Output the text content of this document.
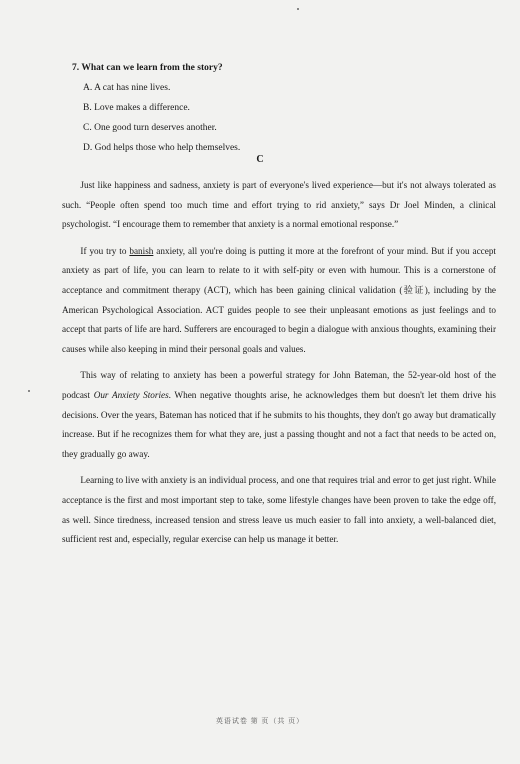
7. What can we learn from the story?
A. A cat has nine lives.
B. Love makes a difference.
C. One good turn deserves another.
D. God helps those who help themselves.
C

Just like happiness and sadness, anxiety is part of everyone's lived experience—but it's not always tolerated as such. “People often spend too much time and effort trying to rid anxiety,” says Dr Joel Minden, a clinical psychologist. “I encourage them to remember that anxiety is a normal emotional response.”

If you try to banish anxiety, all you're doing is putting it more at the forefront of your mind. But if you accept anxiety as part of life, you can learn to relate to it with self-pity or even with humour. This is a cornerstone of acceptance and commitment therapy (ACT), which has been gaining clinical validation (验证), including by the American Psychological Association. ACT guides people to see their unpleasant emotions as just feelings and to accept that parts of life are hard. Sufferers are encouraged to begin a dialogue with anxious thoughts, examining their causes while also keeping in mind their personal goals and values.

This way of relating to anxiety has been a powerful strategy for John Bateman, the 52-year-old host of the podcast Our Anxiety Stories. When negative thoughts arise, he acknowledges them but doesn't let them drive his decisions. Over the years, Bateman has noticed that if he submits to his thoughts, they don't go away but dramatically increase. But if he recognizes them for what they are, just a passing thought and not a fact that needs to be acted on, they gradually go away.

Learning to live with anxiety is an individual process, and one that requires trial and error to get just right. While acceptance is the first and most important step to take, some lifestyle changes have been proven to take the edge off, as well. Since tiredness, increased tension and stress leave us much easier to fall into anxiety, a well-balanced diet, sufficient rest and, especially, regular exercise can help us manage it better.

英语试卷 第 页（共 页）
